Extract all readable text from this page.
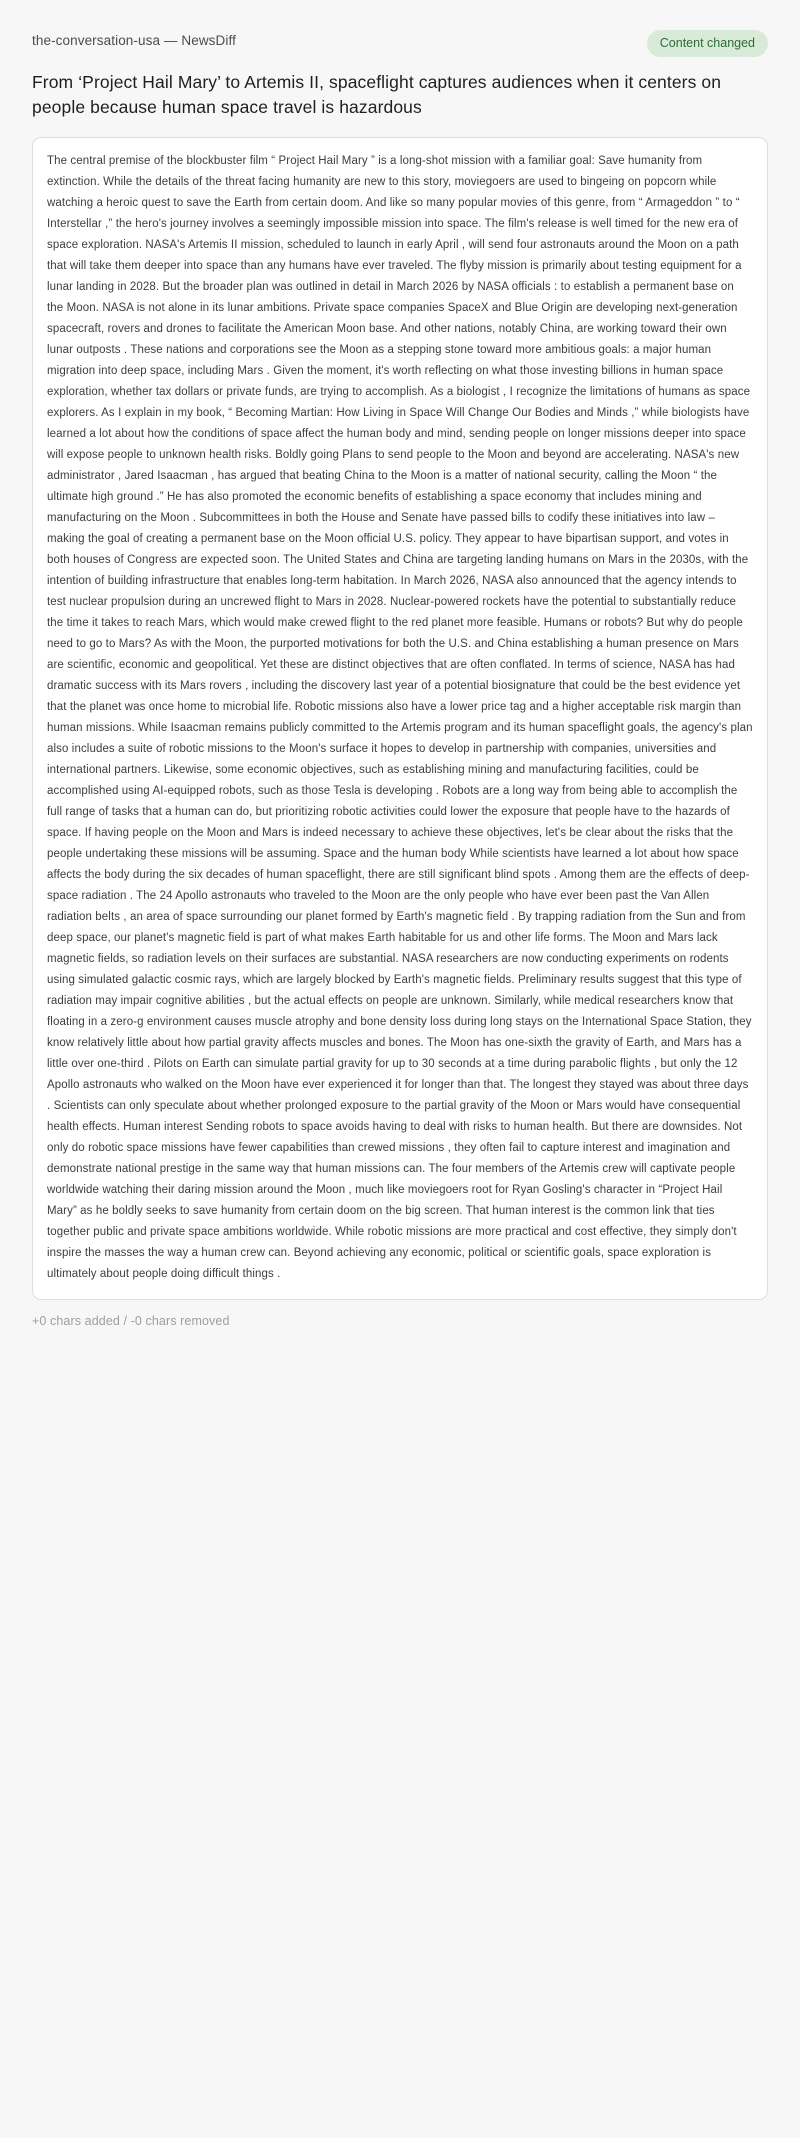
the-conversation-usa — NewsDiff	Content changed
From ‘Project Hail Mary’ to Artemis II, spaceflight captures audiences when it centers on people because human space travel is hazardous
The central premise of the blockbuster film “ Project Hail Mary ” is a long-shot mission with a familiar goal: Save humanity from extinction. While the details of the threat facing humanity are new to this story, moviegoers are used to bingeing on popcorn while watching a heroic quest to save the Earth from certain doom. And like so many popular movies of this genre, from “ Armageddon ” to “ Interstellar ,” the hero's journey involves a seemingly impossible mission into space. The film's release is well timed for the new era of space exploration. NASA's Artemis II mission, scheduled to launch in early April , will send four astronauts around the Moon on a path that will take them deeper into space than any humans have ever traveled. The flyby mission is primarily about testing equipment for a lunar landing in 2028. But the broader plan was outlined in detail in March 2026 by NASA officials : to establish a permanent base on the Moon. NASA is not alone in its lunar ambitions. Private space companies SpaceX and Blue Origin are developing next-generation spacecraft, rovers and drones to facilitate the American Moon base. And other nations, notably China, are working toward their own lunar outposts . These nations and corporations see the Moon as a stepping stone toward more ambitious goals: a major human migration into deep space, including Mars . Given the moment, it's worth reflecting on what those investing billions in human space exploration, whether tax dollars or private funds, are trying to accomplish. As a biologist , I recognize the limitations of humans as space explorers. As I explain in my book, “ Becoming Martian: How Living in Space Will Change Our Bodies and Minds ,” while biologists have learned a lot about how the conditions of space affect the human body and mind, sending people on longer missions deeper into space will expose people to unknown health risks. Boldly going Plans to send people to the Moon and beyond are accelerating. NASA's new administrator , Jared Isaacman , has argued that beating China to the Moon is a matter of national security, calling the Moon “ the ultimate high ground .” He has also promoted the economic benefits of establishing a space economy that includes mining and manufacturing on the Moon . Subcommittees in both the House and Senate have passed bills to codify these initiatives into law – making the goal of creating a permanent base on the Moon official U.S. policy. They appear to have bipartisan support, and votes in both houses of Congress are expected soon. The United States and China are targeting landing humans on Mars in the 2030s, with the intention of building infrastructure that enables long-term habitation. In March 2026, NASA also announced that the agency intends to test nuclear propulsion during an uncrewed flight to Mars in 2028. Nuclear-powered rockets have the potential to substantially reduce the time it takes to reach Mars, which would make crewed flight to the red planet more feasible. Humans or robots? But why do people need to go to Mars? As with the Moon, the purported motivations for both the U.S. and China establishing a human presence on Mars are scientific, economic and geopolitical. Yet these are distinct objectives that are often conflated. In terms of science, NASA has had dramatic success with its Mars rovers , including the discovery last year of a potential biosignature that could be the best evidence yet that the planet was once home to microbial life. Robotic missions also have a lower price tag and a higher acceptable risk margin than human missions. While Isaacman remains publicly committed to the Artemis program and its human spaceflight goals, the agency's plan also includes a suite of robotic missions to the Moon's surface it hopes to develop in partnership with companies, universities and international partners. Likewise, some economic objectives, such as establishing mining and manufacturing facilities, could be accomplished using AI-equipped robots, such as those Tesla is developing . Robots are a long way from being able to accomplish the full range of tasks that a human can do, but prioritizing robotic activities could lower the exposure that people have to the hazards of space. If having people on the Moon and Mars is indeed necessary to achieve these objectives, let's be clear about the risks that the people undertaking these missions will be assuming. Space and the human body While scientists have learned a lot about how space affects the body during the six decades of human spaceflight, there are still significant blind spots . Among them are the effects of deep-space radiation . The 24 Apollo astronauts who traveled to the Moon are the only people who have ever been past the Van Allen radiation belts , an area of space surrounding our planet formed by Earth's magnetic field . By trapping radiation from the Sun and from deep space, our planet's magnetic field is part of what makes Earth habitable for us and other life forms. The Moon and Mars lack magnetic fields, so radiation levels on their surfaces are substantial. NASA researchers are now conducting experiments on rodents using simulated galactic cosmic rays, which are largely blocked by Earth's magnetic fields. Preliminary results suggest that this type of radiation may impair cognitive abilities , but the actual effects on people are unknown. Similarly, while medical researchers know that floating in a zero-g environment causes muscle atrophy and bone density loss during long stays on the International Space Station, they know relatively little about how partial gravity affects muscles and bones. The Moon has one-sixth the gravity of Earth, and Mars has a little over one-third . Pilots on Earth can simulate partial gravity for up to 30 seconds at a time during parabolic flights , but only the 12 Apollo astronauts who walked on the Moon have ever experienced it for longer than that. The longest they stayed was about three days . Scientists can only speculate about whether prolonged exposure to the partial gravity of the Moon or Mars would have consequential health effects. Human interest Sending robots to space avoids having to deal with risks to human health. But there are downsides. Not only do robotic space missions have fewer capabilities than crewed missions , they often fail to capture interest and imagination and demonstrate national prestige in the same way that human missions can. The four members of the Artemis crew will captivate people worldwide watching their daring mission around the Moon , much like moviegoers root for Ryan Gosling's character in “Project Hail Mary” as he boldly seeks to save humanity from certain doom on the big screen. That human interest is the common link that ties together public and private space ambitions worldwide. While robotic missions are more practical and cost effective, they simply don't inspire the masses the way a human crew can. Beyond achieving any economic, political or scientific goals, space exploration is ultimately about people doing difficult things .
+0 chars added / -0 chars removed
